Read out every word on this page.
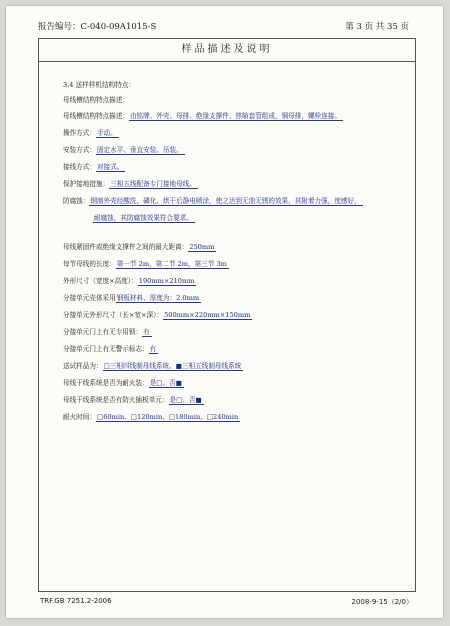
报告编号：C-040-09A1015-S	第 3 页 共 35 页
样品描述及说明
3.4 送样样机结构特点：
母线槽结构特点描述：
母线槽结构特点描述：由铭牌、外壳、母排、绝缘支撑件、热缩套管组成，铜母排，螺栓连接。
操作方式：手动。
安装方式：固定水平、垂直安装、吊装。
接线方式：对接式。
保护接地措施：三相五线配备专门接地母线。
防腐蚀：钢制外壳经酸洗、磷化、烘干后静电喷涂，使之达到无油无锈的效果，其附着力强，度感好，
耐腐蚀，其防腐蚀效果符合要求。
母线紧固件或绝缘支撑件之间的最大距离：250mm
每节母线的长度：第一节 2m，第二节 2m，第三节 3m
外形尺寸（宽度×高度）：190mm×210mm
分接单元壳体采用钢板材料、厚度为：2.0mm
分接单元外形尺寸（长×宽×深）：500mm×220mm×150mm
分接单元门上有无专用锁：有
分接单元门上有无警示标志：有
送试样品为：□三相四线制母线系统、■三相五线制母线系统
母线干线系统是否为耐火装：是□、否■
母线干线系统是否有防火插板单元：是□、否■
耐火时间：□60min、□120min、□180min、□240min
TRF.GB 7251.2-2006	2008-9-15（2/0）
